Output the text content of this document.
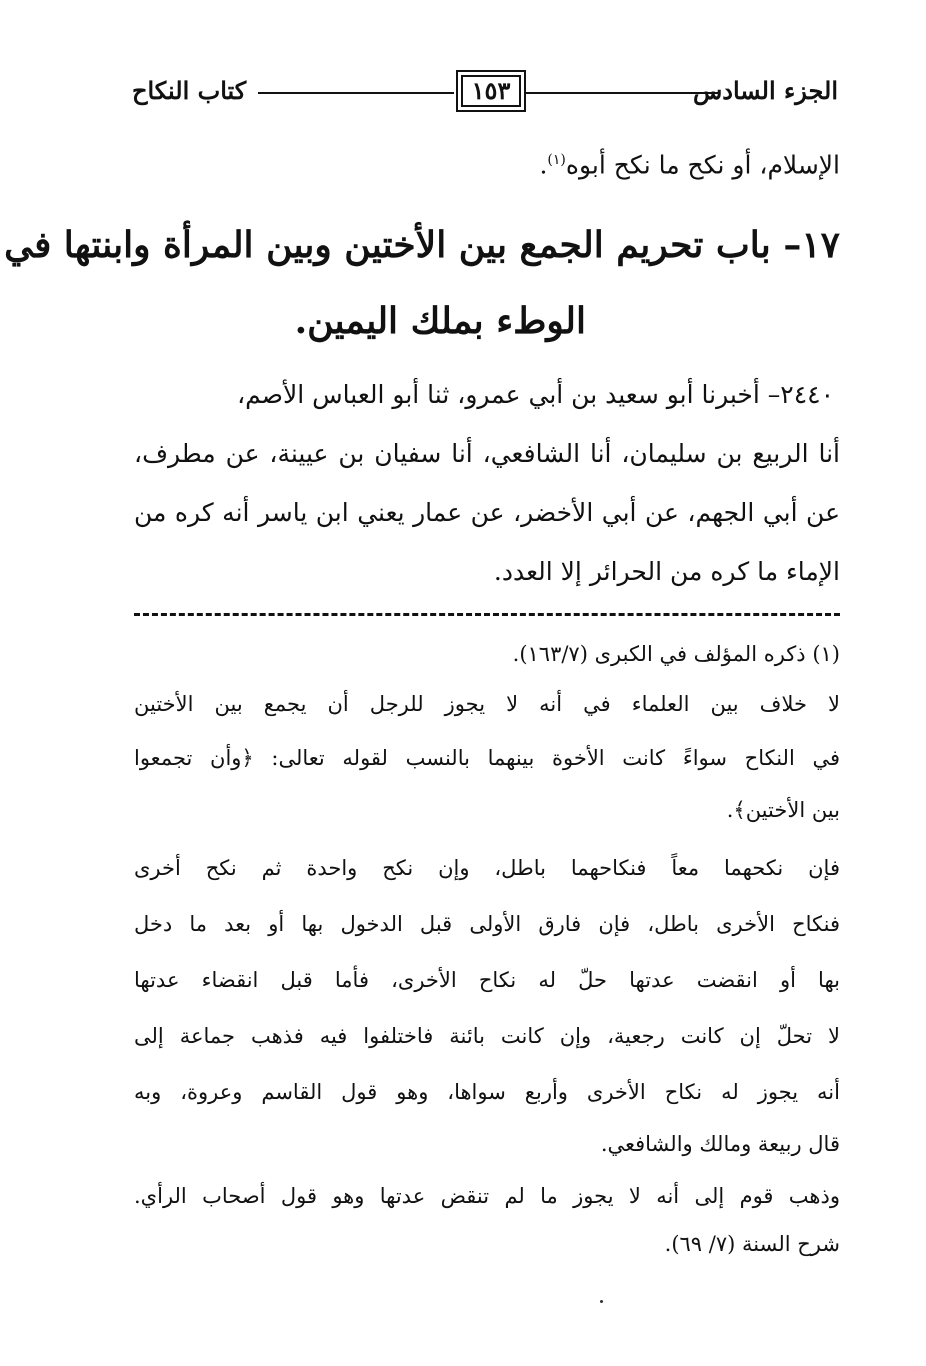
الجزء السادس
١٥٣
كتاب النكاح
الإسلام، أو نكح ما نكح أبوه$^{(١)}$.
١٧– باب تحريم الجمع بين الأختين وبين المرأة وابنتها في
الوطء بملك اليمين.
٢٤٤٠– أخبرنا أبو سعيد بن أبي عمرو، ثنا أبو العباس الأصم،
أنا الربيع بن سليمان، أنا الشافعي، أنا سفيان بن عيينة، عن مطرف،
عن أبي الجهم، عن أبي الأخضر، عن عمار يعني ابن ياسر أنه كره من
الإماء ما كره من الحرائر إلا العدد.
(١) ذكره المؤلف في الكبرى (١٦٣/٧).
لا خلاف بين العلماء في أنه لا يجوز للرجل أن يجمع بين الأختين
في النكاح سواءً كانت الأخوة بينهما بالنسب لقوله تعالى: ﴿وأن تجمعوا
بين الأختين﴾.
فإن نكحهما معاً فنكاحهما باطل، وإن نكح واحدة ثم نكح أخرى
فنكاح الأخرى باطل، فإن فارق الأولى قبل الدخول بها أو بعد ما دخل
بها أو انقضت عدتها حلّ له نكاح الأخرى، فأما قبل انقضاء عدتها
لا تحلّ إن كانت رجعية، وإن كانت بائنة فاختلفوا فيه فذهب جماعة إلى
أنه يجوز له نكاح الأخرى وأربع سواها، وهو قول القاسم وعروة، وبه
قال ربيعة ومالك والشافعي.
وذهب قوم إلى أنه لا يجوز ما لم تنقض عدتها وهو قول أصحاب الرأي.
شرح السنة (٧/ ٦٩).
